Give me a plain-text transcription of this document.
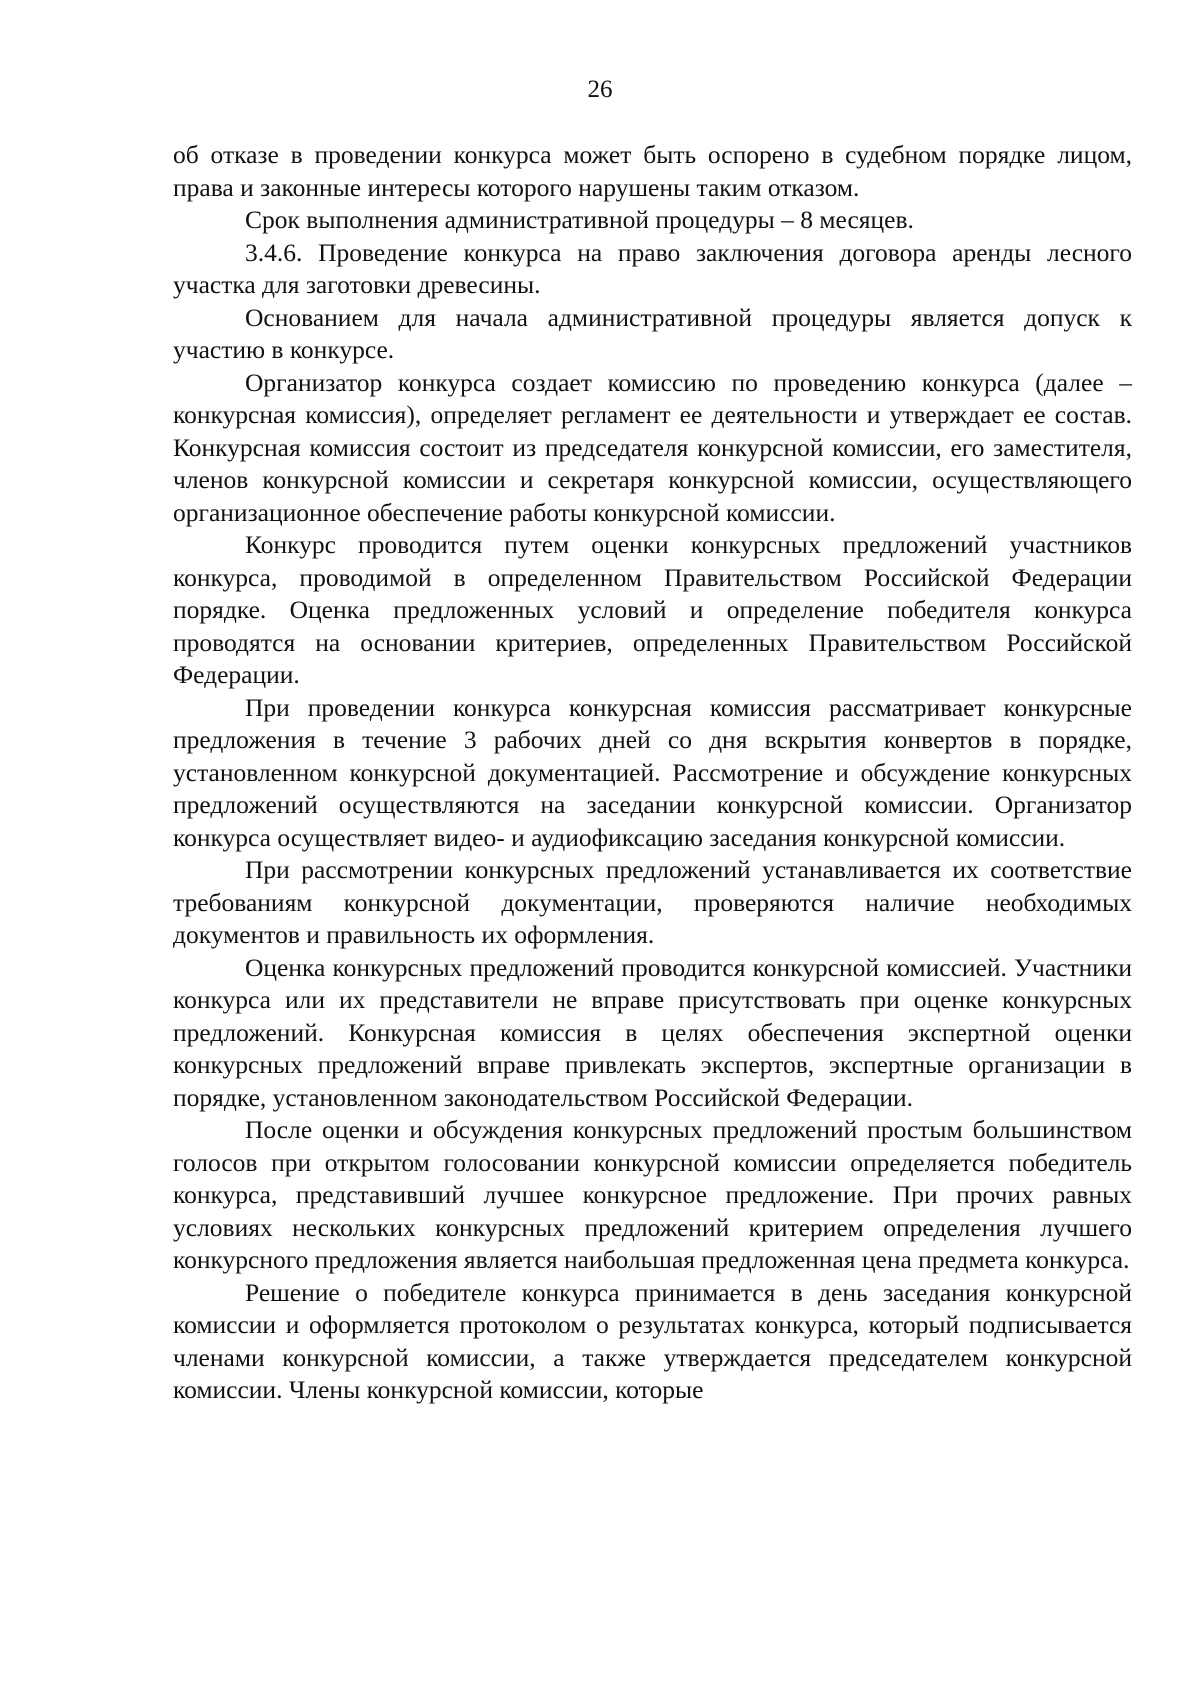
26

об отказе в проведении конкурса может быть оспорено в судебном порядке лицом, права и законные интересы которого нарушены таким отказом.

Срок выполнения административной процедуры – 8 месяцев.

3.4.6. Проведение конкурса на право заключения договора аренды лесного участка для заготовки древесины.

Основанием для начала административной процедуры является допуск к участию в конкурсе.

Организатор конкурса создает комиссию по проведению конкурса (далее – конкурсная комиссия), определяет регламент ее деятельности и утверждает ее состав. Конкурсная комиссия состоит из председателя конкурсной комиссии, его заместителя, членов конкурсной комиссии и секретаря конкурсной комиссии, осуществляющего организационное обеспечение работы конкурсной комиссии.

Конкурс проводится путем оценки конкурсных предложений участников конкурса, проводимой в определенном Правительством Российской Федерации порядке. Оценка предложенных условий и определение победителя конкурса проводятся на основании критериев, определенных Правительством Российской Федерации.

При проведении конкурса конкурсная комиссия рассматривает конкурсные предложения в течение 3 рабочих дней со дня вскрытия конвертов в порядке, установленном конкурсной документацией. Рассмотрение и обсуждение конкурсных предложений осуществляются на заседании конкурсной комиссии. Организатор конкурса осуществляет видео- и аудиофиксацию заседания конкурсной комиссии.

При рассмотрении конкурсных предложений устанавливается их соответствие требованиям конкурсной документации, проверяются наличие необходимых документов и правильность их оформления.

Оценка конкурсных предложений проводится конкурсной комиссией. Участники конкурса или их представители не вправе присутствовать при оценке конкурсных предложений. Конкурсная комиссия в целях обеспечения экспертной оценки конкурсных предложений вправе привлекать экспертов, экспертные организации в порядке, установленном законодательством Российской Федерации.

После оценки и обсуждения конкурсных предложений простым большинством голосов при открытом голосовании конкурсной комиссии определяется победитель конкурса, представивший лучшее конкурсное предложение. При прочих равных условиях нескольких конкурсных предложений критерием определения лучшего конкурсного предложения является наибольшая предложенная цена предмета конкурса.

Решение о победителе конкурса принимается в день заседания конкурсной комиссии и оформляется протоколом о результатах конкурса, который подписывается членами конкурсной комиссии, а также утверждается председателем конкурсной комиссии. Члены конкурсной комиссии, которые
